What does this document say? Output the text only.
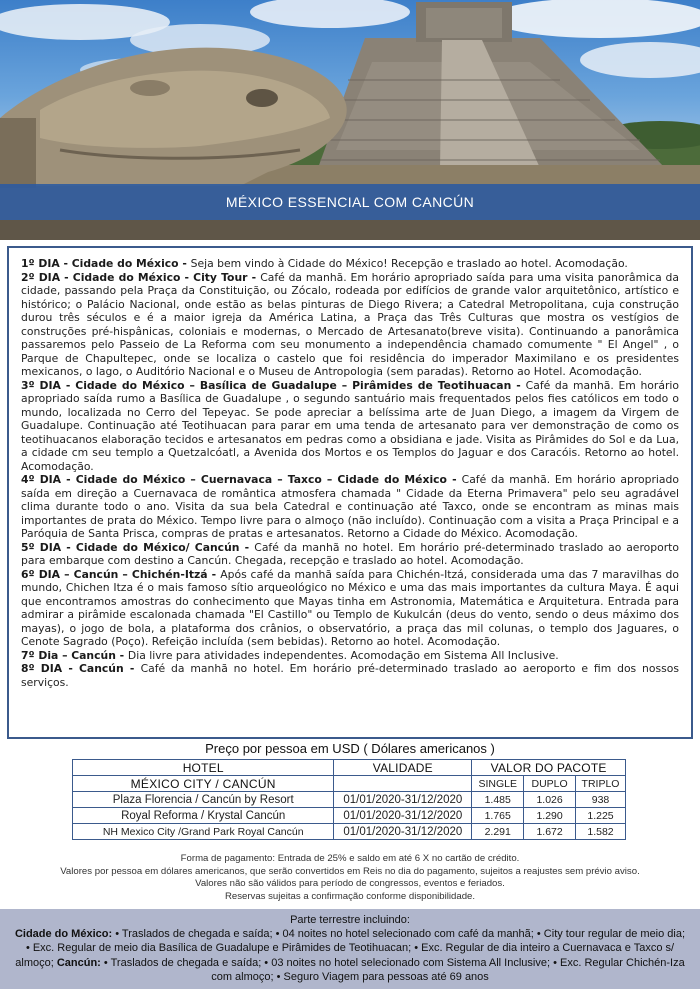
MÉXICO ESSENCIAL COM CANCÚN

1º DIA - Cidade do México - Seja bem vindo à Cidade do México! Recepção e traslado ao hotel. Acomodação.

2º DIA - Cidade do México - City Tour - Café da manhã. Em horário apropriado saída para uma visita panorâmica da cidade, passando pela Praça da Constituição, ou Zócalo, rodeada por edifícios de grande valor arquitetônico, artístico e histórico; o Palácio Nacional, onde estão as belas pinturas de Diego Rivera; a Catedral Metropolitana, cuja construção durou três séculos e é a maior igreja da América Latina, a Praça das Três Culturas que mostra os vestígios de construções pré-hispânicas, coloniais e modernas, o Mercado de Artesanato(breve visita). Continuando a panorâmica passaremos pelo Passeio de La Reforma com seu monumento a independência chamado comumente " El Angel" , o Parque de Chapultepec, onde se localiza o castelo que foi residência do imperador Maximilano e os presidentes mexicanos, o lago, o Auditório Nacional e o Museu de Antropologia (sem paradas). Retorno ao Hotel. Acomodação.

3º DIA - Cidade do México – Basílica de Guadalupe – Pirâmides de Teotihuacan - Café da manhã. Em horário apropriado saída rumo a Basílica de Guadalupe , o segundo santuário mais frequentados pelos fies católicos em todo o mundo, localizada no Cerro del Tepeyac. Se pode apreciar a belíssima arte de Juan Diego, a imagem da Virgem de Guadalupe. Continuação até Teotihuacan para parar em uma tenda de artesanato para ver demonstração de como os teotihuacanos elaboração tecidos e artesanatos em pedras como a obsidiana e jade. Visita as Pirâmides do Sol e da Lua, a cidade cm seu templo a Quetzalcóatl, a Avenida dos Mortos e os Templos do Jaguar e dos Caracóis. Retorno ao hotel. Acomodação.

4º DIA - Cidade do México – Cuernavaca – Taxco – Cidade do México - Café da manhã. Em horário apropriado saída em direção a Cuernavaca de romântica atmosfera chamada " Cidade da Eterna Primavera" pelo seu agradável clima durante todo o ano. Visita da sua bela Catedral e continuação até Taxco, onde se encontram as minas mais importantes de prata do México. Tempo livre para o almoço (não incluído). Continuação com a visita a Praça Principal e a Paróquia de Santa Prisca, compras de pratas e artesanatos. Retorno a Cidade do México. Acomodação.

5º DIA - Cidade do México/ Cancún - Café da manhã no hotel. Em horário pré-determinado traslado ao aeroporto para embarque com destino a Cancún. Chegada, recepção e traslado ao hotel. Acomodação.

6º DIA – Cancún – Chichén-Itzá - Após café da manhã saída para Chichén-Itzá, considerada uma das 7 maravilhas do mundo, Chichen Itza é o mais famoso sítio arqueológico no México e uma das mais importantes da cultura Maya. É aqui que encontramos amostras do conhecimento que Mayas tinha em Astronomia, Matemática e Arquitetura. Entrada para admirar a pirâmide escalonada chamada "El Castillo" ou Templo de Kukulcán (deus do vento, sendo o deus máximo dos mayas), o jogo de bola, a plataforma dos crânios, o observatório, a praça das mil colunas, o templo dos Jaguares, o Cenote Sagrado (Poço). Refeição incluída (sem bebidas). Retorno ao hotel. Acomodação.

7º Dia – Cancún - Dia livre para atividades independentes. Acomodação em Sistema All Inclusive.

8º DIA - Cancún - Café da manhã no hotel. Em horário pré-determinado traslado ao aeroporto e fim dos nossos serviços.

Preço por pessoa em USD ( Dólares americanos )
HOTEL	VALIDADE	VALOR DO PACOTE		
MÉXICO CITY / CANCÚN		SINGLE	DUPLO	TRIPLO
Plaza Florencia / Cancún by Resort	01/01/2020-31/12/2020	1.485	1.026	938
Royal Reforma / Krystal Cancún	01/01/2020-31/12/2020	1.765	1.290	1.225
NH Mexico City /Grand Park Royal Cancún	01/01/2020-31/12/2020	2.291	1.672	1.582
Forma de pagamento: Entrada de 25% e saldo em até 6 X no cartão de crédito.
Valores por pessoa em dólares americanos, que serão convertidos em Reis no dia do pagamento, sujeitos a reajustes sem prévio aviso.
Valores não são válidos para período de congressos, eventos e feriados.
Reservas sujeitas a confirmação conforme disponibilidade.
Parte terrestre incluindo:
Cidade do México: • Traslados de chegada e saída; • 04 noites no hotel selecionado com café da manhã; • City tour regular de meio dia; • Exc. Regular de meio dia Basílica de Guadalupe e Pirâmides de Teotihuacan; • Exc. Regular de dia inteiro a Cuernavaca e Taxco s/ almoço; Cancún: • Traslados de chegada e saída; • 03 noites no hotel selecionado com Sistema All Inclusive; • Exc. Regular Chichén-Iza com almoço; • Seguro Viagem para pessoas até 69 anos
